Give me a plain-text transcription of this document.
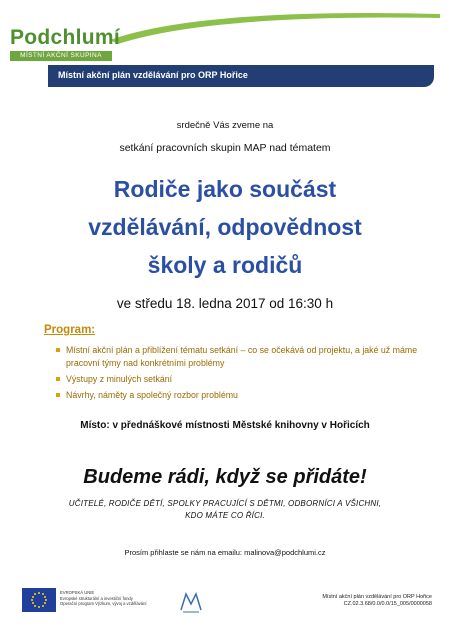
Podchlumí
MÍSTNÍ AKČNÍ SKUPINA
Místní akční plán vzdělávání pro ORP Hořice
srdečně Vás zveme na
setkání pracovních skupin MAP nad tématem
Rodiče jako součást
vzdělávání, odpovědnost
školy a rodičů
ve středu 18. ledna 2017 od 16:30 h
Program:
Místní akční plán a přiblížení tématu setkání – co se očekává od projektu, a jaké už máme pracovní týmy nad konkrétními problémy
Výstupy z minulých setkání
Návrhy, náměty a společný rozbor problému
Místo: v přednáškové místnosti Městské knihovny v Hořicích
Budeme rádi, když se přidáte!
UČITELÉ, RODIČE DĚTÍ, SPOLKY PRACUJÍCÍ S DĚTMI, ODBORNÍCI A VŠICHNI,
KDO MÁTE CO ŘÍCI.
Prosím přihlaste se nám na emailu: malinova@podchlumi.cz
EVROPSKÁ UNIE
Evropské strukturální a investiční fondy
Operační program Výzkum, vývoj a vzdělávání
Místní akční plán vzdělávání pro ORP Hořice
CZ.02.3.68/0.0/0.0/15_005/0000058
